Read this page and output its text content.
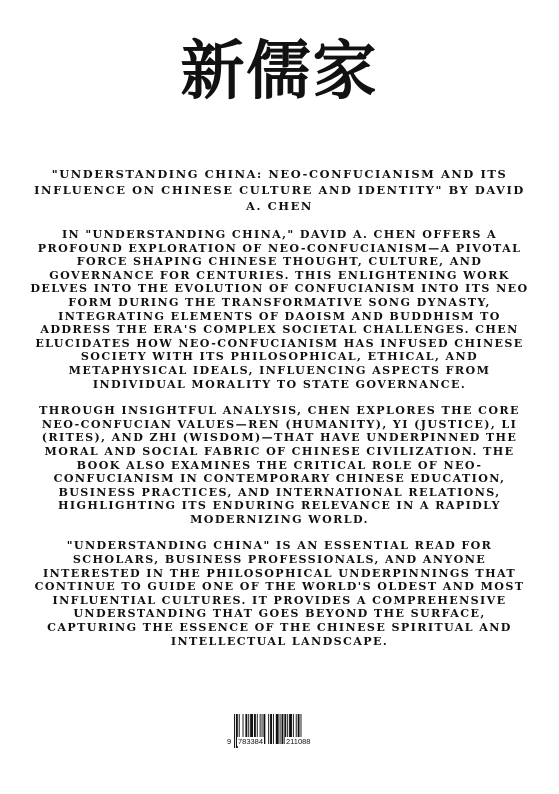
新儒家

"UNDERSTANDING CHINA: NEO-CONFUCIANISM AND ITS INFLUENCE ON CHINESE CULTURE AND IDENTITY" BY DAVID A. CHEN

IN "UNDERSTANDING CHINA," DAVID A. CHEN OFFERS A PROFOUND EXPLORATION OF NEO-CONFUCIANISM—A PIVOTAL FORCE SHAPING CHINESE THOUGHT, CULTURE, AND GOVERNANCE FOR CENTURIES. THIS ENLIGHTENING WORK DELVES INTO THE EVOLUTION OF CONFUCIANISM INTO ITS NEO FORM DURING THE TRANSFORMATIVE SONG DYNASTY, INTEGRATING ELEMENTS OF DAOISM AND BUDDHISM TO ADDRESS THE ERA'S COMPLEX SOCIETAL CHALLENGES. CHEN ELUCIDATES HOW NEO-CONFUCIANISM HAS INFUSED CHINESE SOCIETY WITH ITS PHILOSOPHICAL, ETHICAL, AND METAPHYSICAL IDEALS, INFLUENCING ASPECTS FROM INDIVIDUAL MORALITY TO STATE GOVERNANCE.

THROUGH INSIGHTFUL ANALYSIS, CHEN EXPLORES THE CORE NEO-CONFUCIAN VALUES—REN (HUMANITY), YI (JUSTICE), LI (RITES), AND ZHI (WISDOM)—THAT HAVE UNDERPINNED THE MORAL AND SOCIAL FABRIC OF CHINESE CIVILIZATION. THE BOOK ALSO EXAMINES THE CRITICAL ROLE OF NEO-CONFUCIANISM IN CONTEMPORARY CHINESE EDUCATION, BUSINESS PRACTICES, AND INTERNATIONAL RELATIONS, HIGHLIGHTING ITS ENDURING RELEVANCE IN A RAPIDLY MODERNIZING WORLD.

"UNDERSTANDING CHINA" IS AN ESSENTIAL READ FOR SCHOLARS, BUSINESS PROFESSIONALS, AND ANYONE INTERESTED IN THE PHILOSOPHICAL UNDERPINNINGS THAT CONTINUE TO GUIDE ONE OF THE WORLD'S OLDEST AND MOST INFLUENTIAL CULTURES. IT PROVIDES A COMPREHENSIVE UNDERSTANDING THAT GOES BEYOND THE SURFACE, CAPTURING THE ESSENCE OF THE CHINESE SPIRITUAL AND INTELLECTUAL LANDSCAPE.

9 783384	211088
